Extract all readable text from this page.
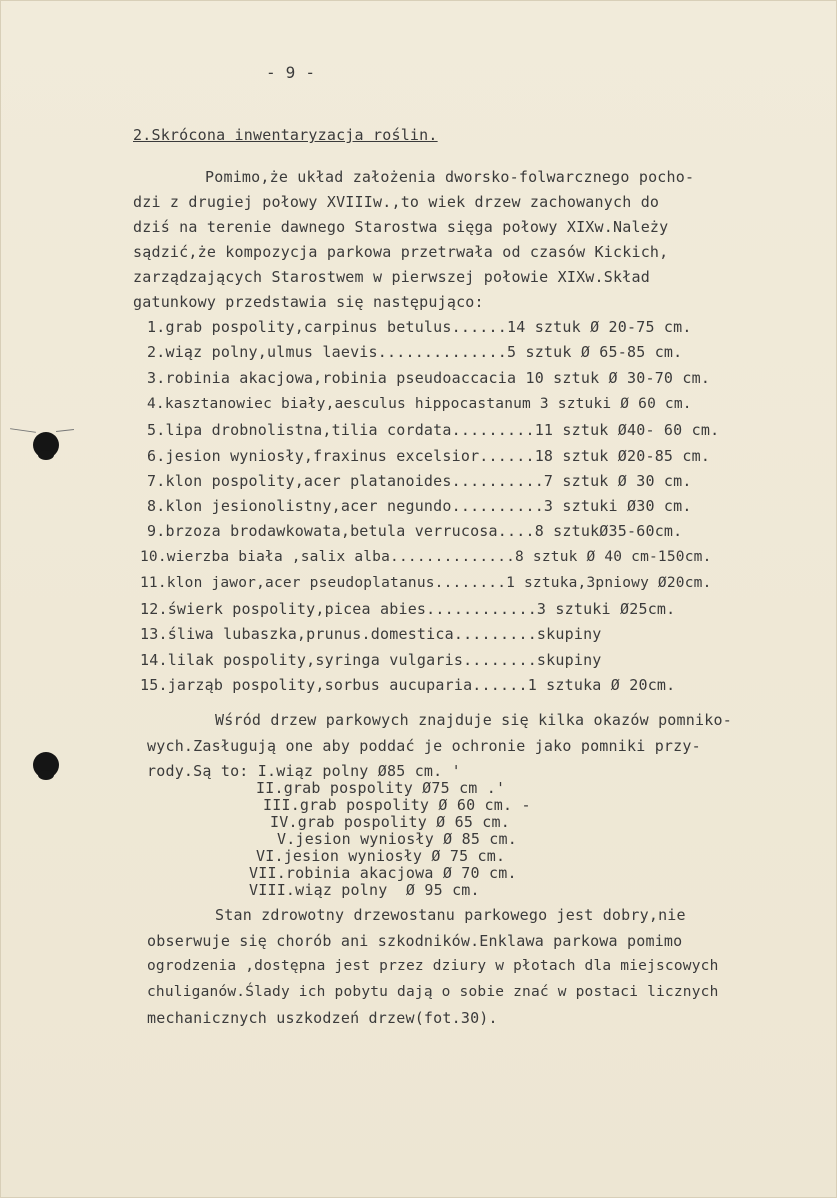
- 9 -
2.Skrócona inwentaryzacja roślin.
Pomimo,że układ założenia dworsko-folwarcznego pocho-
dzi z drugiej połowy XVIIIw.,to wiek drzew zachowanych do
dziś na terenie dawnego Starostwa sięga połowy XIXw.Należy
sądzić,że kompozycja parkowa przetrwała od czasów Kickich,
zarządzających Starostwem w pierwszej połowie XIXw.Skład
gatunkowy przedstawia się następująco:
1.grab pospolity,carpinus betulus......14 sztuk Ø 20-75 cm.
2.wiąz polny,ulmus laevis..............5 sztuk Ø 65-85 cm.
3.robinia akacjowa,robinia pseudoaccacia 10 sztuk Ø 30-70 cm.
4.kasztanowiec biały,aesculus hippocastanum 3 sztuki Ø 60 cm.
5.lipa drobnolistna,tilia cordata.........11 sztuk Ø40- 60 cm.
6.jesion wyniosły,fraxinus excelsior......18 sztuk Ø20-85 cm.
7.klon pospolity,acer platanoides..........7 sztuk Ø 30 cm.
8.klon jesionolistny,acer negundo..........3 sztuki Ø30 cm.
9.brzoza brodawkowata,betula verrucosa....8 sztukØ35-60cm.
10.wierzba biała ,salix alba..............8 sztuk Ø 40 cm-150cm.
11.klon jawor,acer pseudoplatanus........1 sztuka,3pniowy Ø20cm.
12.świerk pospolity,picea abies............3 sztuki Ø25cm.
13.śliwa lubaszka,prunus.domestica.........skupiny
14.lilak pospolity,syringa vulgaris........skupiny
15.jarząb pospolity,sorbus aucuparia......1 sztuka Ø 20cm.
Wśród drzew parkowych znajduje się kilka okazów pomniko-
wych.Zasługują one aby poddać je ochronie jako pomniki przy-
rody.Są to: I.wiąz polny Ø85 cm. '
II.grab pospolity Ø75 cm .'
III.grab pospolity Ø 60 cm. -
IV.grab pospolity Ø 65 cm.
V.jesion wyniosły Ø 85 cm.
VI.jesion wyniosły Ø 75 cm.
VII.robinia akacjowa Ø 70 cm.
VIII.wiąz polny  Ø 95 cm.
Stan zdrowotny drzewostanu parkowego jest dobry,nie
obserwuje się chorób ani szkodników.Enklawa parkowa pomimo
ogrodzenia ,dostępna jest przez dziury w płotach dla miejscowych
chuliganów.Ślady ich pobytu dają o sobie znać w postaci licznych
mechanicznych uszkodzeń drzew(fot.30).
